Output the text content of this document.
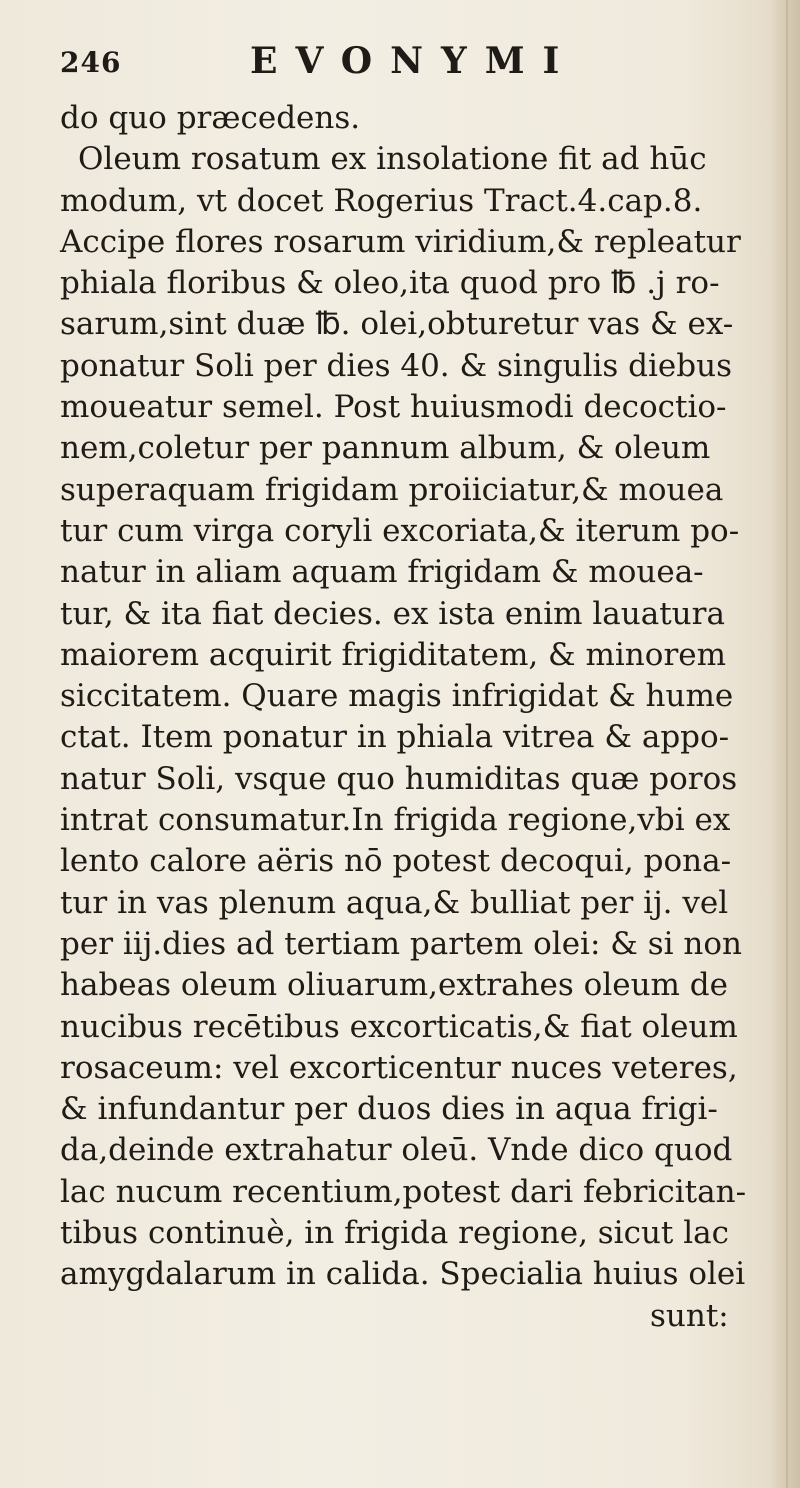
246	EVONYMI
do quo præcedens.
Oleum rosatum ex insolatione fit ad hūc
modum, vt docet Rogerius Tract.4.cap.8.
Accipe flores rosarum viridium,& repleatur
phiala floribus & oleo,ita quod pro ℔ .j ro-
sarum,sint duæ ℔. olei,obturetur vas & ex-
ponatur Soli per dies 40. & singulis diebus
moueatur semel. Post huiusmodi decoctio-
nem,coletur per pannum album, & oleum
superaquam frigidam proiiciatur,& mouea
tur cum virga coryli excoriata,& iterum po-
natur in aliam aquam frigidam & mouea-
tur, & ita fiat decies. ex ista enim lauatura
maiorem acquirit frigiditatem, & minorem
siccitatem. Quare magis infrigidat & hume
ctat. Item ponatur in phiala vitrea & appo-
natur Soli, vsque quo humiditas quæ poros
intrat consumatur.In frigida regione,vbi ex
lento calore aëris nō potest decoqui, pona-
tur in vas plenum aqua,& bulliat per ij. vel
per iij.dies ad tertiam partem olei: & si non
habeas oleum oliuarum,extrahes oleum de
nucibus recētibus excorticatis,& fiat oleum
rosaceum: vel excorticentur nuces veteres,
& infundantur per duos dies in aqua frigi-
da,deinde extrahatur oleū. Vnde dico quod
lac nucum recentium,potest dari febricitan-
tibus continuè, in frigida regione, sicut lac
amygdalarum in calida. Specialia huius olei
sunt:
